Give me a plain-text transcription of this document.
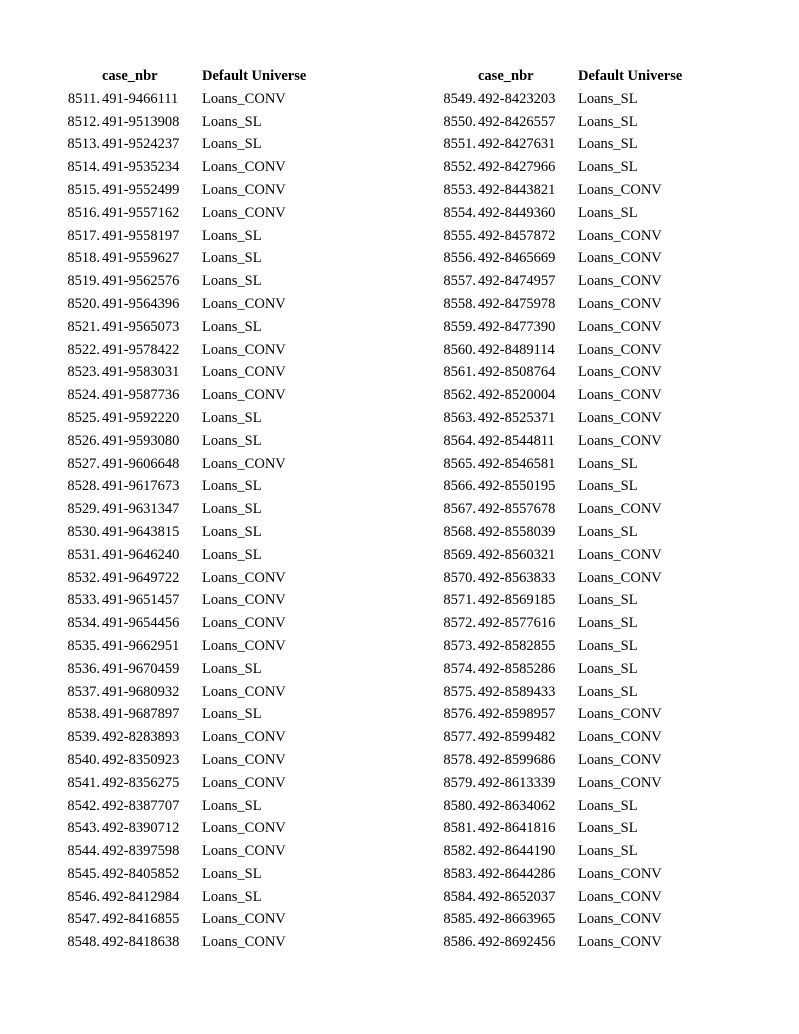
	case_nbr	Default Universe
8511.	491-9466111	Loans_CONV
8512.	491-9513908	Loans_SL
8513.	491-9524237	Loans_SL
8514.	491-9535234	Loans_CONV
8515.	491-9552499	Loans_CONV
8516.	491-9557162	Loans_CONV
8517.	491-9558197	Loans_SL
8518.	491-9559627	Loans_SL
8519.	491-9562576	Loans_SL
8520.	491-9564396	Loans_CONV
8521.	491-9565073	Loans_SL
8522.	491-9578422	Loans_CONV
8523.	491-9583031	Loans_CONV
8524.	491-9587736	Loans_CONV
8525.	491-9592220	Loans_SL
8526.	491-9593080	Loans_SL
8527.	491-9606648	Loans_CONV
8528.	491-9617673	Loans_SL
8529.	491-9631347	Loans_SL
8530.	491-9643815	Loans_SL
8531.	491-9646240	Loans_SL
8532.	491-9649722	Loans_CONV
8533.	491-9651457	Loans_CONV
8534.	491-9654456	Loans_CONV
8535.	491-9662951	Loans_CONV
8536.	491-9670459	Loans_SL
8537.	491-9680932	Loans_CONV
8538.	491-9687897	Loans_SL
8539.	492-8283893	Loans_CONV
8540.	492-8350923	Loans_CONV
8541.	492-8356275	Loans_CONV
8542.	492-8387707	Loans_SL
8543.	492-8390712	Loans_CONV
8544.	492-8397598	Loans_CONV
8545.	492-8405852	Loans_SL
8546.	492-8412984	Loans_SL
8547.	492-8416855	Loans_CONV
8548.	492-8418638	Loans_CONV
	case_nbr	Default Universe
8549.	492-8423203	Loans_SL
8550.	492-8426557	Loans_SL
8551.	492-8427631	Loans_SL
8552.	492-8427966	Loans_SL
8553.	492-8443821	Loans_CONV
8554.	492-8449360	Loans_SL
8555.	492-8457872	Loans_CONV
8556.	492-8465669	Loans_CONV
8557.	492-8474957	Loans_CONV
8558.	492-8475978	Loans_CONV
8559.	492-8477390	Loans_CONV
8560.	492-8489114	Loans_CONV
8561.	492-8508764	Loans_CONV
8562.	492-8520004	Loans_CONV
8563.	492-8525371	Loans_CONV
8564.	492-8544811	Loans_CONV
8565.	492-8546581	Loans_SL
8566.	492-8550195	Loans_SL
8567.	492-8557678	Loans_CONV
8568.	492-8558039	Loans_SL
8569.	492-8560321	Loans_CONV
8570.	492-8563833	Loans_CONV
8571.	492-8569185	Loans_SL
8572.	492-8577616	Loans_SL
8573.	492-8582855	Loans_SL
8574.	492-8585286	Loans_SL
8575.	492-8589433	Loans_SL
8576.	492-8598957	Loans_CONV
8577.	492-8599482	Loans_CONV
8578.	492-8599686	Loans_CONV
8579.	492-8613339	Loans_CONV
8580.	492-8634062	Loans_SL
8581.	492-8641816	Loans_SL
8582.	492-8644190	Loans_SL
8583.	492-8644286	Loans_CONV
8584.	492-8652037	Loans_CONV
8585.	492-8663965	Loans_CONV
8586.	492-8692456	Loans_CONV
